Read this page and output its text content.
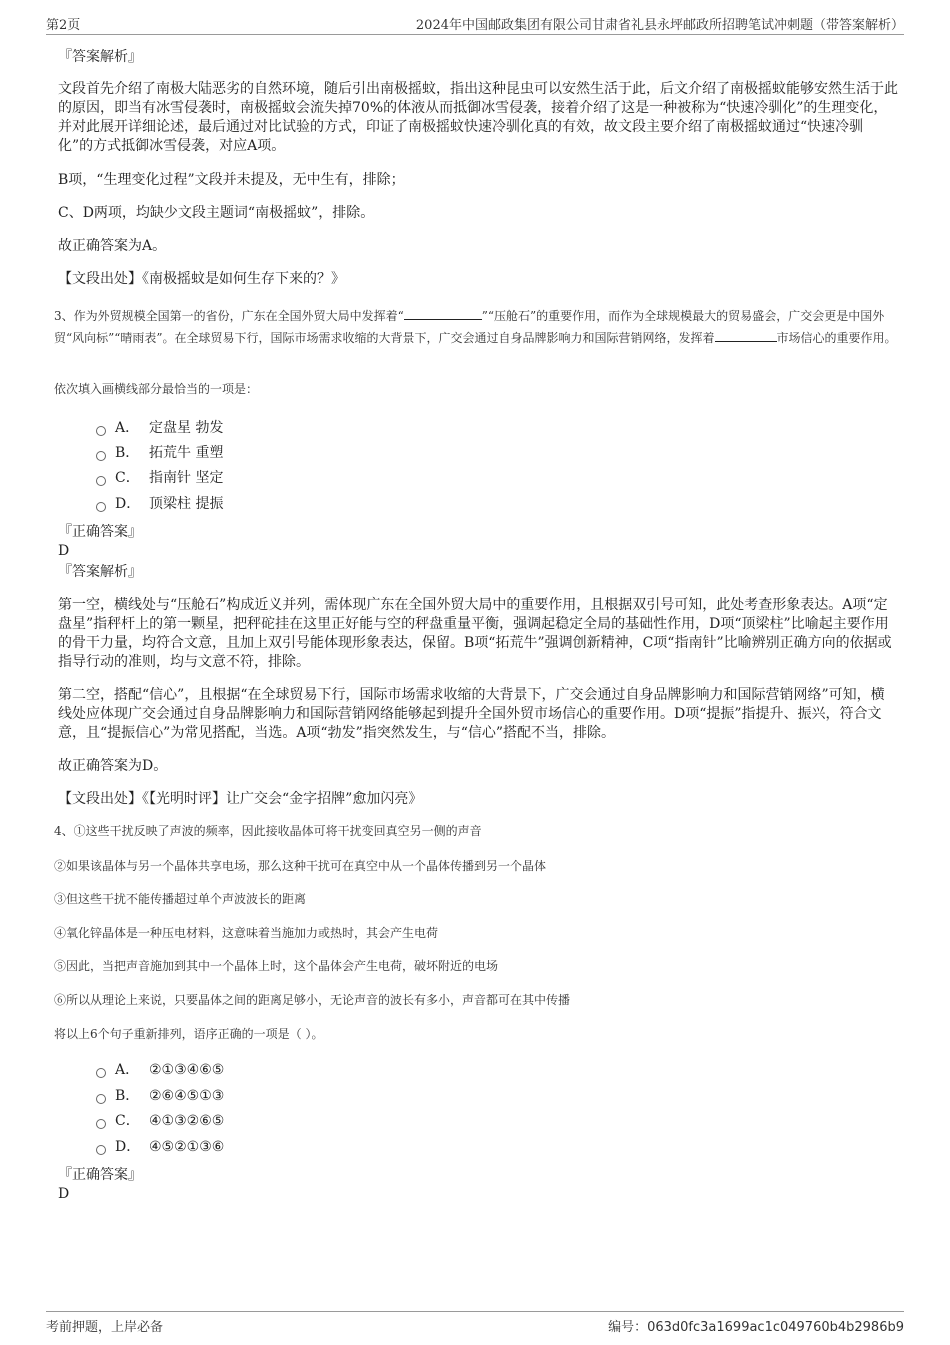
第2页	2024年中国邮政集团有限公司甘肃省礼县永坪邮政所招聘笔试冲刺题（带答案解析）
『答案解析』
文段首先介绍了南极大陆恶劣的自然环境，随后引出南极摇蚊，指出这种昆虫可以安然生活于此，后文介绍了南极摇蚊能够安然生活于此的原因，即当有冰雪侵袭时，南极摇蚊会流失掉70%的体液从而抵御冰雪侵袭，接着介绍了这是一种被称为“快速冷驯化”的生理变化，并对此展开详细论述，最后通过对比试验的方式，印证了南极摇蚊快速冷驯化真的有效，故文段主要介绍了南极摇蚊通过“快速冷驯化”的方式抵御冰雪侵袭，对应A项。
B项，“生理变化过程”文段并未提及，无中生有，排除；
C、D两项，均缺少文段主题词“南极摇蚊”，排除。
故正确答案为A。
【文段出处】《南极摇蚊是如何生存下来的？》
3、作为外贸规模全国第一的省份，广东在全国外贸大局中发挥着“	”“压舱石”的重要作用，而作为全球规模最大的贸易盛会，广交会更是中国外贸“风向标”“晴雨表”。在全球贸易下行，国际市场需求收缩的大背景下，广交会通过自身品牌影响力和国际营销网络，发挥着	市场信心的重要作用。
依次填入画横线部分最恰当的一项是：
A． 定盘星 勃发
B． 拓荒牛 重塑
C． 指南针 坚定
D． 顶梁柱 提振
『正确答案』
D
『答案解析』
第一空，横线处与“压舱石”构成近义并列，需体现广东在全国外贸大局中的重要作用，且根据双引号可知，此处考查形象表达。A项“定盘星”指秤杆上的第一颗星，把秤砣挂在这里正好能与空的秤盘重量平衡，强调起稳定全局的基础性作用，D项“顶梁柱”比喻起主要作用的骨干力量，均符合文意，且加上双引号能体现形象表达，保留。B项“拓荒牛”强调创新精神，C项“指南针”比喻辨别正确方向的依据或指导行动的准则，均与文意不符，排除。
第二空，搭配“信心”，且根据“在全球贸易下行，国际市场需求收缩的大背景下，广交会通过自身品牌影响力和国际营销网络”可知，横线处应体现广交会通过自身品牌影响力和国际营销网络能够起到提升全国外贸市场信心的重要作用。D项“提振”指提升、振兴，符合文意，且“提振信心”为常见搭配，当选。A项“勃发”指突然发生，与“信心”搭配不当，排除。
故正确答案为D。
【文段出处】《【光明时评】让广交会“金字招牌”愈加闪亮》
4、①这些干扰反映了声波的频率，因此接收晶体可将干扰变回真空另一侧的声音
②如果该晶体与另一个晶体共享电场，那么这种干扰可在真空中从一个晶体传播到另一个晶体
③但这些干扰不能传播超过单个声波波长的距离
④氧化锌晶体是一种压电材料，这意味着当施加力或热时，其会产生电荷
⑤因此，当把声音施加到其中一个晶体上时，这个晶体会产生电荷，破坏附近的电场
⑥所以从理论上来说，只要晶体之间的距离足够小，无论声音的波长有多小，声音都可在其中传播
将以上6个句子重新排列，语序正确的一项是（ ）。
A． ②①③④⑥⑤
B． ②⑥④⑤①③
C． ④①③②⑥⑤
D． ④⑤②①③⑥
『正确答案』
D
考前押题，上岸必备	编号：063d0fc3a1699ac1c049760b4b2986b9
